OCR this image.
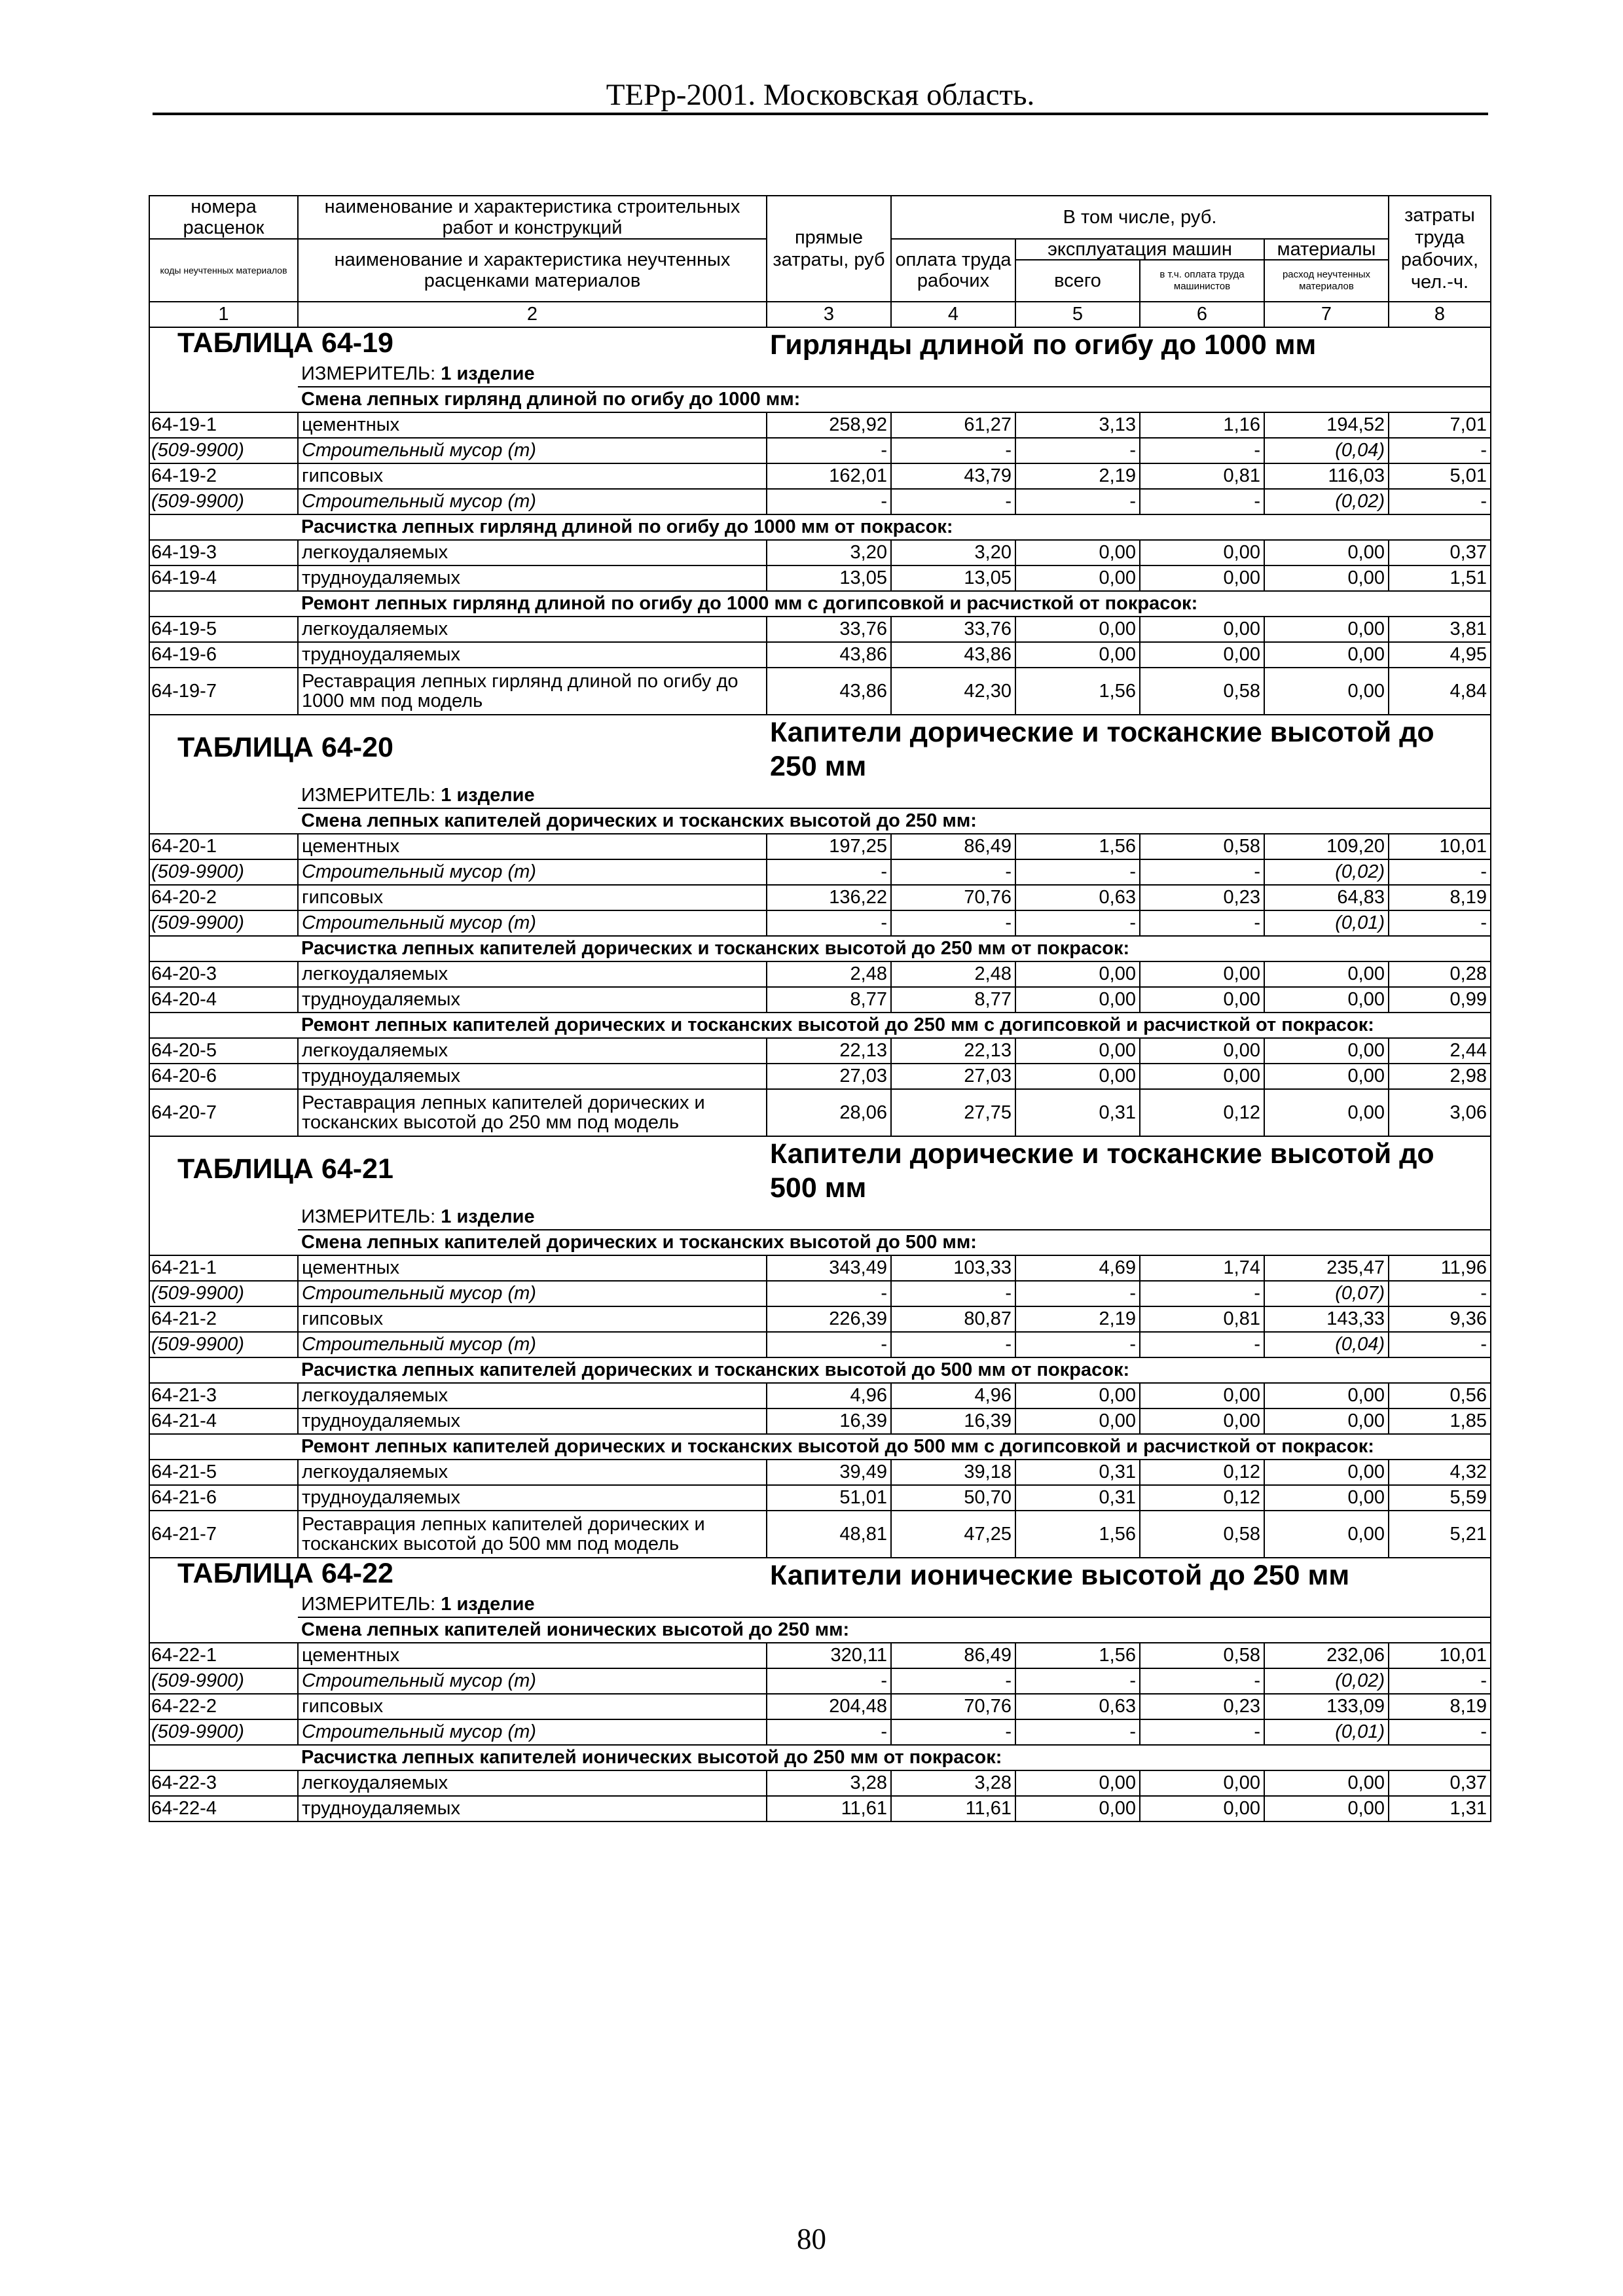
ТЕРр-2001. Московская область.
номера расценок	наименование и характеристика строительных работ и конструкций	прямые затраты, руб	В том числе, руб.				затраты труда рабочих, чел.-ч.
коды неучтенных материалов	наименование и характеристика неучтенных расценками материалов		оплата труда рабочих	эксплуатация машин		материалы	
				всего	в т.ч. оплата труда машинистов	расход неучтенных материалов	
1	2	3	4	5	6	7	8
ТАБЛИЦА 64-19		Гирлянды длиной по огибу до 1000 мм					
	ИЗМЕРИТЕЛЬ: 1 изделие						
	Смена лепных гирлянд длиной по огибу до 1000 мм:						
64-19-1	цементных	258,92	61,27	3,13	1,16	194,52	7,01
(509-9900)	Строительный мусор (т)	-	-	-	-	(0,04)	-
64-19-2	гипсовых	162,01	43,79	2,19	0,81	116,03	5,01
(509-9900)	Строительный мусор (т)	-	-	-	-	(0,02)	-
	Расчистка лепных гирлянд длиной по огибу до 1000 мм от покрасок:						
64-19-3	легкоудаляемых	3,20	3,20	0,00	0,00	0,00	0,37
64-19-4	трудноудаляемых	13,05	13,05	0,00	0,00	0,00	1,51
	Ремонт лепных гирлянд длиной по огибу до 1000 мм с догипсовкой и расчисткой от покрасок:						
64-19-5	легкоудаляемых	33,76	33,76	0,00	0,00	0,00	3,81
64-19-6	трудноудаляемых	43,86	43,86	0,00	0,00	0,00	4,95
64-19-7	Реставрация лепных гирлянд длиной по огибу до 1000 мм под модель	43,86	42,30	1,56	0,58	0,00	4,84
ТАБЛИЦА 64-20		Капители дорические и тосканские высотой до 250 мм					
	ИЗМЕРИТЕЛЬ: 1 изделие						
	Смена лепных капителей дорических и тосканских высотой до 250 мм:						
64-20-1	цементных	197,25	86,49	1,56	0,58	109,20	10,01
(509-9900)	Строительный мусор (т)	-	-	-	-	(0,02)	-
64-20-2	гипсовых	136,22	70,76	0,63	0,23	64,83	8,19
(509-9900)	Строительный мусор (т)	-	-	-	-	(0,01)	-
	Расчистка лепных капителей дорических и тосканских высотой до 250 мм от покрасок:						
64-20-3	легкоудаляемых	2,48	2,48	0,00	0,00	0,00	0,28
64-20-4	трудноудаляемых	8,77	8,77	0,00	0,00	0,00	0,99
	Ремонт лепных капителей дорических и тосканских высотой до 250 мм с догипсовкой и расчисткой от покрасок:						
64-20-5	легкоудаляемых	22,13	22,13	0,00	0,00	0,00	2,44
64-20-6	трудноудаляемых	27,03	27,03	0,00	0,00	0,00	2,98
64-20-7	Реставрация лепных капителей дорических и тосканских высотой до 250 мм под модель	28,06	27,75	0,31	0,12	0,00	3,06
ТАБЛИЦА 64-21		Капители дорические и тосканские высотой до 500 мм					
	ИЗМЕРИТЕЛЬ: 1 изделие						
	Смена лепных капителей дорических и тосканских высотой до 500 мм:						
64-21-1	цементных	343,49	103,33	4,69	1,74	235,47	11,96
(509-9900)	Строительный мусор (т)	-	-	-	-	(0,07)	-
64-21-2	гипсовых	226,39	80,87	2,19	0,81	143,33	9,36
(509-9900)	Строительный мусор (т)	-	-	-	-	(0,04)	-
	Расчистка лепных капителей дорических и тосканских высотой до 500 мм от покрасок:						
64-21-3	легкоудаляемых	4,96	4,96	0,00	0,00	0,00	0,56
64-21-4	трудноудаляемых	16,39	16,39	0,00	0,00	0,00	1,85
	Ремонт лепных капителей дорических и тосканских высотой до 500 мм с догипсовкой и расчисткой от покрасок:						
64-21-5	легкоудаляемых	39,49	39,18	0,31	0,12	0,00	4,32
64-21-6	трудноудаляемых	51,01	50,70	0,31	0,12	0,00	5,59
64-21-7	Реставрация лепных капителей дорических и тосканских высотой до 500 мм под модель	48,81	47,25	1,56	0,58	0,00	5,21
ТАБЛИЦА 64-22		Капители ионические высотой до 250 мм					
	ИЗМЕРИТЕЛЬ: 1 изделие						
	Смена лепных капителей ионических высотой до 250 мм:						
64-22-1	цементных	320,11	86,49	1,56	0,58	232,06	10,01
(509-9900)	Строительный мусор (т)	-	-	-	-	(0,02)	-
64-22-2	гипсовых	204,48	70,76	0,63	0,23	133,09	8,19
(509-9900)	Строительный мусор (т)	-	-	-	-	(0,01)	-
	Расчистка лепных капителей ионических высотой до 250 мм от покрасок:						
64-22-3	легкоудаляемых	3,28	3,28	0,00	0,00	0,00	0,37
64-22-4	трудноудаляемых	11,61	11,61	0,00	0,00	0,00	1,31
80
